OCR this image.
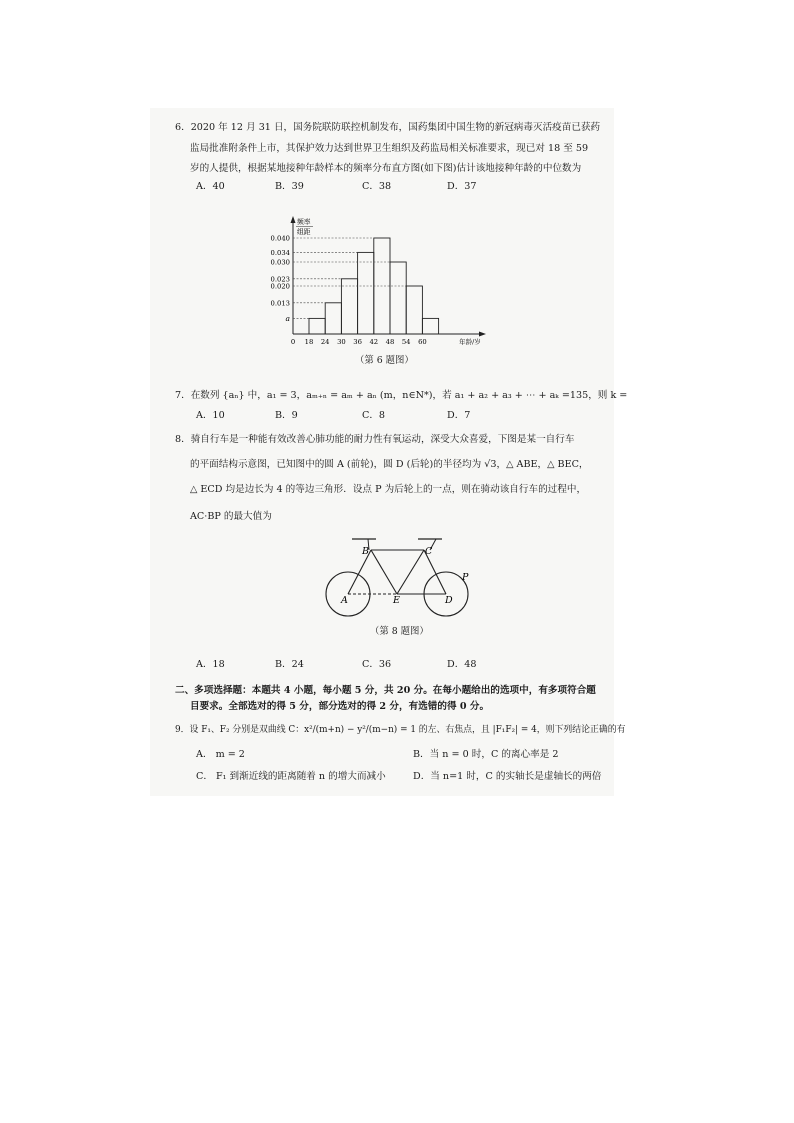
6．2020 年 12 月 31 日，国务院联防联控机制发布，国药集团中国生物的新冠病毒灭活疫苗已获药
监局批准附条件上市，其保护效力达到世界卫生组织及药监局相关标准要求，现已对 18 至 59
岁的人提供，根据某地接种年龄样本的频率分布直方图(如下图)估计该地接种年龄的中位数为
A．40	B．39	C．38	D．37
频率
组距
0.040
0.034
0.030
0.023
0.020
0.013
a
0 18 24 30 36 42 48 54 60	年龄/岁
（第 6 题图）
7．在数列 {aₙ} 中，a₁ = 3，aₘ₊ₙ = aₘ + aₙ (m，n∈N*)，若 a₁ + a₂ + a₃ + ⋯ + aₖ =135，则 k =
A．10	B．9	C．8	D．7
8．骑自行车是一种能有效改善心肺功能的耐力性有氧运动，深受大众喜爱，下图是某一自行车
的平面结构示意图，已知图中的圆 A (前轮)，圆 D (后轮)的半径均为 √3，△ ABE，△ BEC，
△ ECD 均是边长为 4 的等边三角形．设点 P 为后轮上的一点，则在骑动该自行车的过程中，
AC·BP 的最大值为
A
B	C
D
E
P
（第 8 题图）
A．18	B．24	C．36	D．48
二、多项选择题：本题共 4 小题，每小题 5 分，共 20 分。在每小题给出的选项中，有多项符合题
目要求。全部选对的得 5 分，部分选对的得 2 分，有选错的得 0 分。
9．设 F₁、F₂ 分别是双曲线 C：x²/(m+n) − y²/(m−n) = 1 的左、右焦点，且 |F₁F₂| = 4，则下列结论正确的有
A． m = 2	B．当 n = 0 时，C 的离心率是 2
C． F₁ 到渐近线的距离随着 n 的增大而减小	D．当 n=1 时，C 的实轴长是虚轴长的两倍
